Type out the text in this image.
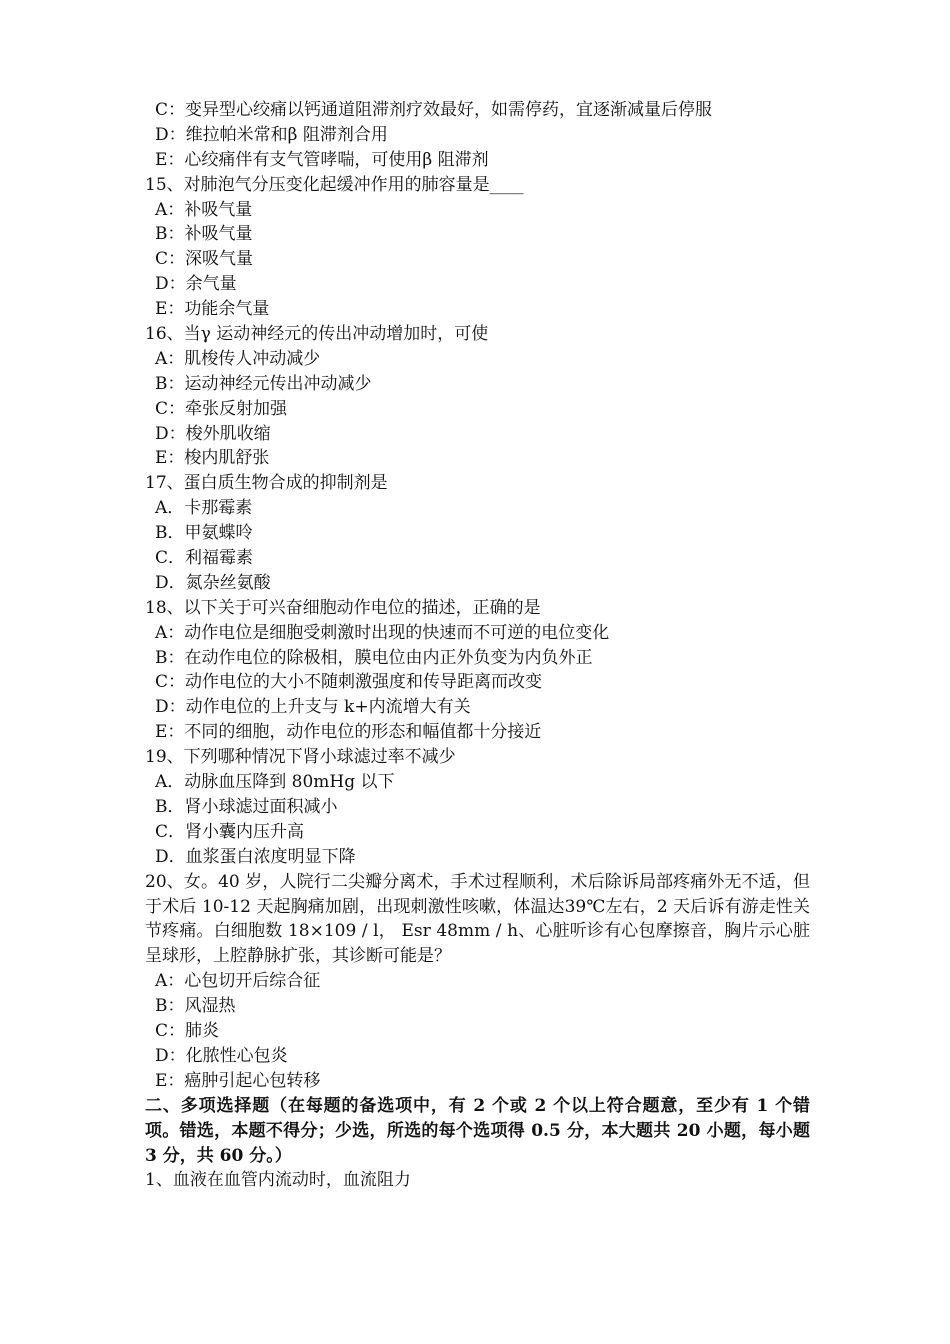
C：变异型心绞痛以钙通道阻滞剂疗效最好，如需停药，宜逐渐减量后停服
D：维拉帕米常和β 阻滞剂合用
E：心绞痛伴有支气管哮喘，可使用β 阻滞剂
15、对肺泡气分压变化起缓冲作用的肺容量是____
A：补吸气量
B：补吸气量
C：深吸气量
D：余气量
E：功能余气量
16、当γ 运动神经元的传出冲动增加时，可使
A：肌梭传人冲动减少
B：运动神经元传出冲动减少
C：牵张反射加强
D：梭外肌收缩
E：梭内肌舒张
17、蛋白质生物合成的抑制剂是
A．卡那霉素
B．甲氨蝶呤
C．利福霉素
D．氮杂丝氨酸
18、以下关于可兴奋细胞动作电位的描述，正确的是
A：动作电位是细胞受刺激时出现的快速而不可逆的电位变化
B：在动作电位的除极相，膜电位由内正外负变为内负外正
C：动作电位的大小不随刺激强度和传导距离而改变
D：动作电位的上升支与 k+内流增大有关
E：不同的细胞，动作电位的形态和幅值都十分接近
19、下列哪种情况下肾小球滤过率不减少
A．动脉血压降到 80mHg 以下
B．肾小球滤过面积减小
C．肾小囊内压升高
D．血浆蛋白浓度明显下降
20、女。40 岁，人院行二尖瓣分离术，手术过程顺利，术后除诉局部疼痛外无不适，但于术后 10-12 天起胸痛加剧，出现刺激性咳嗽，体温达39℃左右，2 天后诉有游走性关节疼痛。白细胞数 18×109 / l， Esr 48mm / h、心脏听诊有心包摩擦音，胸片示心脏呈球形，上腔静脉扩张，其诊断可能是？
A：心包切开后综合征
B：风湿热
C：肺炎
D：化脓性心包炎
E：癌肿引起心包转移
二、多项选择题（在每题的备选项中，有 2 个或 2 个以上符合题意，至少有 1 个错项。错选，本题不得分；少选，所选的每个选项得 0.5 分，本大题共 20 小题，每小题 3 分，共 60 分。）
1、血液在血管内流动时，血流阻力
